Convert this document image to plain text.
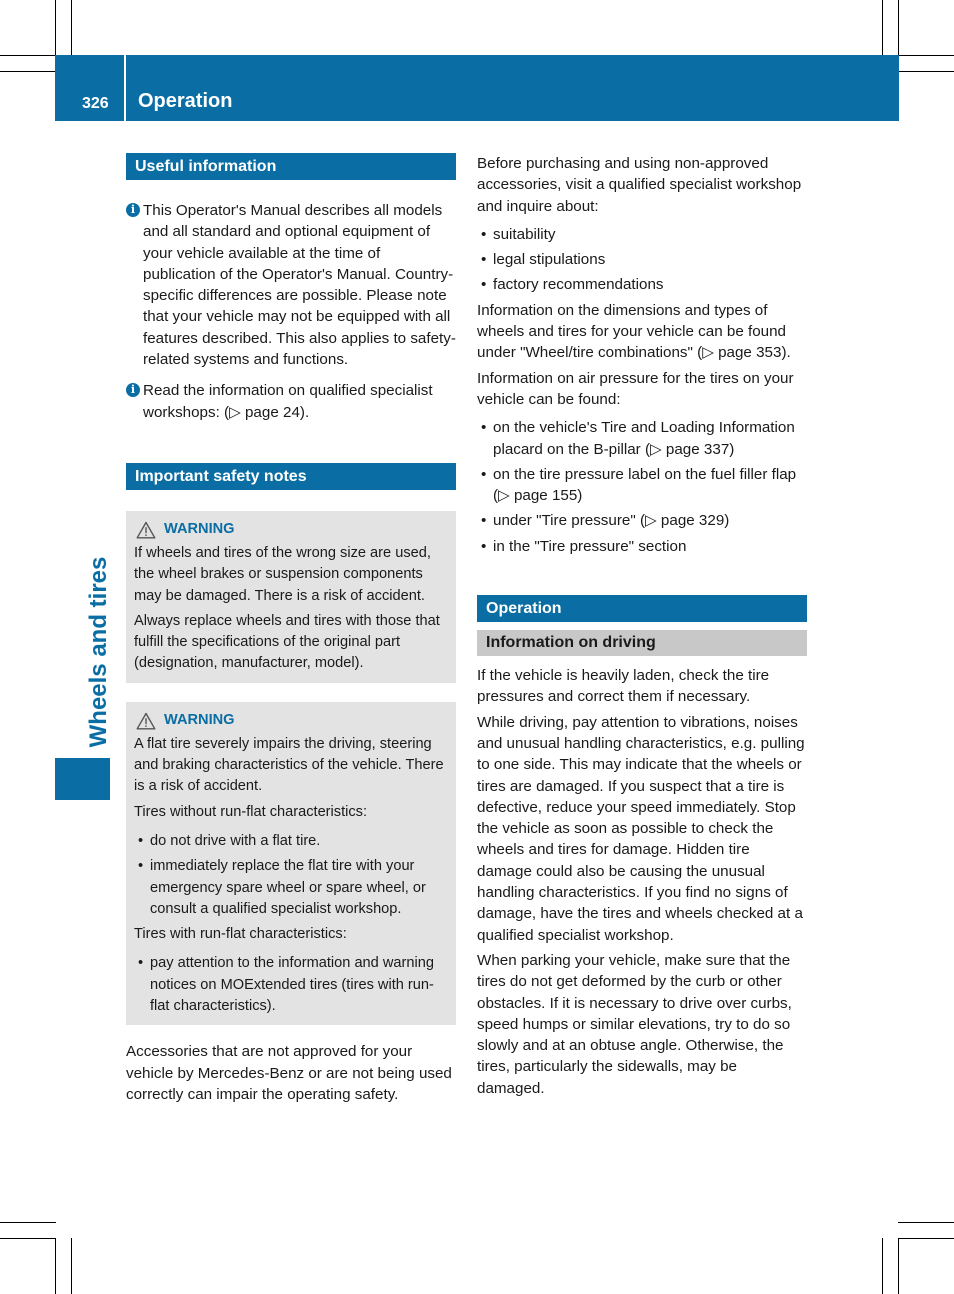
326 Operation
Wheels and tires
Useful information
i This Operator's Manual describes all models and all standard and optional equipment of your vehicle available at the time of publication of the Operator's Manual. Country-specific differences are possible. Please note that your vehicle may not be equipped with all features described. This also applies to safety-related systems and functions.

i Read the information on qualified specialist workshops: (▷ page 24).

Important safety notes
WARNING

If wheels and tires of the wrong size are used, the wheel brakes or suspension components may be damaged. There is a risk of accident.

Always replace wheels and tires with those that fulfill the specifications of the original part (designation, manufacturer, model).

WARNING

A flat tire severely impairs the driving, steering and braking characteristics of the vehicle. There is a risk of accident.

Tires without run-flat characteristics:

• do not drive with a flat tire.
• immediately replace the flat tire with your emergency spare wheel or spare wheel, or consult a qualified specialist workshop.

Tires with run-flat characteristics:

• pay attention to the information and warning notices on MOExtended tires (tires with run-flat characteristics).

Accessories that are not approved for your vehicle by Mercedes-Benz or are not being used correctly can impair the operating safety.

Before purchasing and using non-approved accessories, visit a qualified specialist workshop and inquire about:

• suitability
• legal stipulations
• factory recommendations

Information on the dimensions and types of wheels and tires for your vehicle can be found under "Wheel/tire combinations" (▷ page 353).

Information on air pressure for the tires on your vehicle can be found:

• on the vehicle's Tire and Loading Information placard on the B-pillar (▷ page 337)
• on the tire pressure label on the fuel filler flap (▷ page 155)
• under "Tire pressure" (▷ page 329)
• in the "Tire pressure" section
Operation
Information on driving

If the vehicle is heavily laden, check the tire pressures and correct them if necessary.

While driving, pay attention to vibrations, noises and unusual handling characteristics, e.g. pulling to one side. This may indicate that the wheels or tires are damaged. If you suspect that a tire is defective, reduce your speed immediately. Stop the vehicle as soon as possible to check the wheels and tires for damage. Hidden tire damage could also be causing the unusual handling characteristics. If you find no signs of damage, have the tires and wheels checked at a qualified specialist workshop.

When parking your vehicle, make sure that the tires do not get deformed by the curb or other obstacles. If it is necessary to drive over curbs, speed humps or similar elevations, try to do so slowly and at an obtuse angle. Otherwise, the tires, particularly the sidewalls, may be damaged.
